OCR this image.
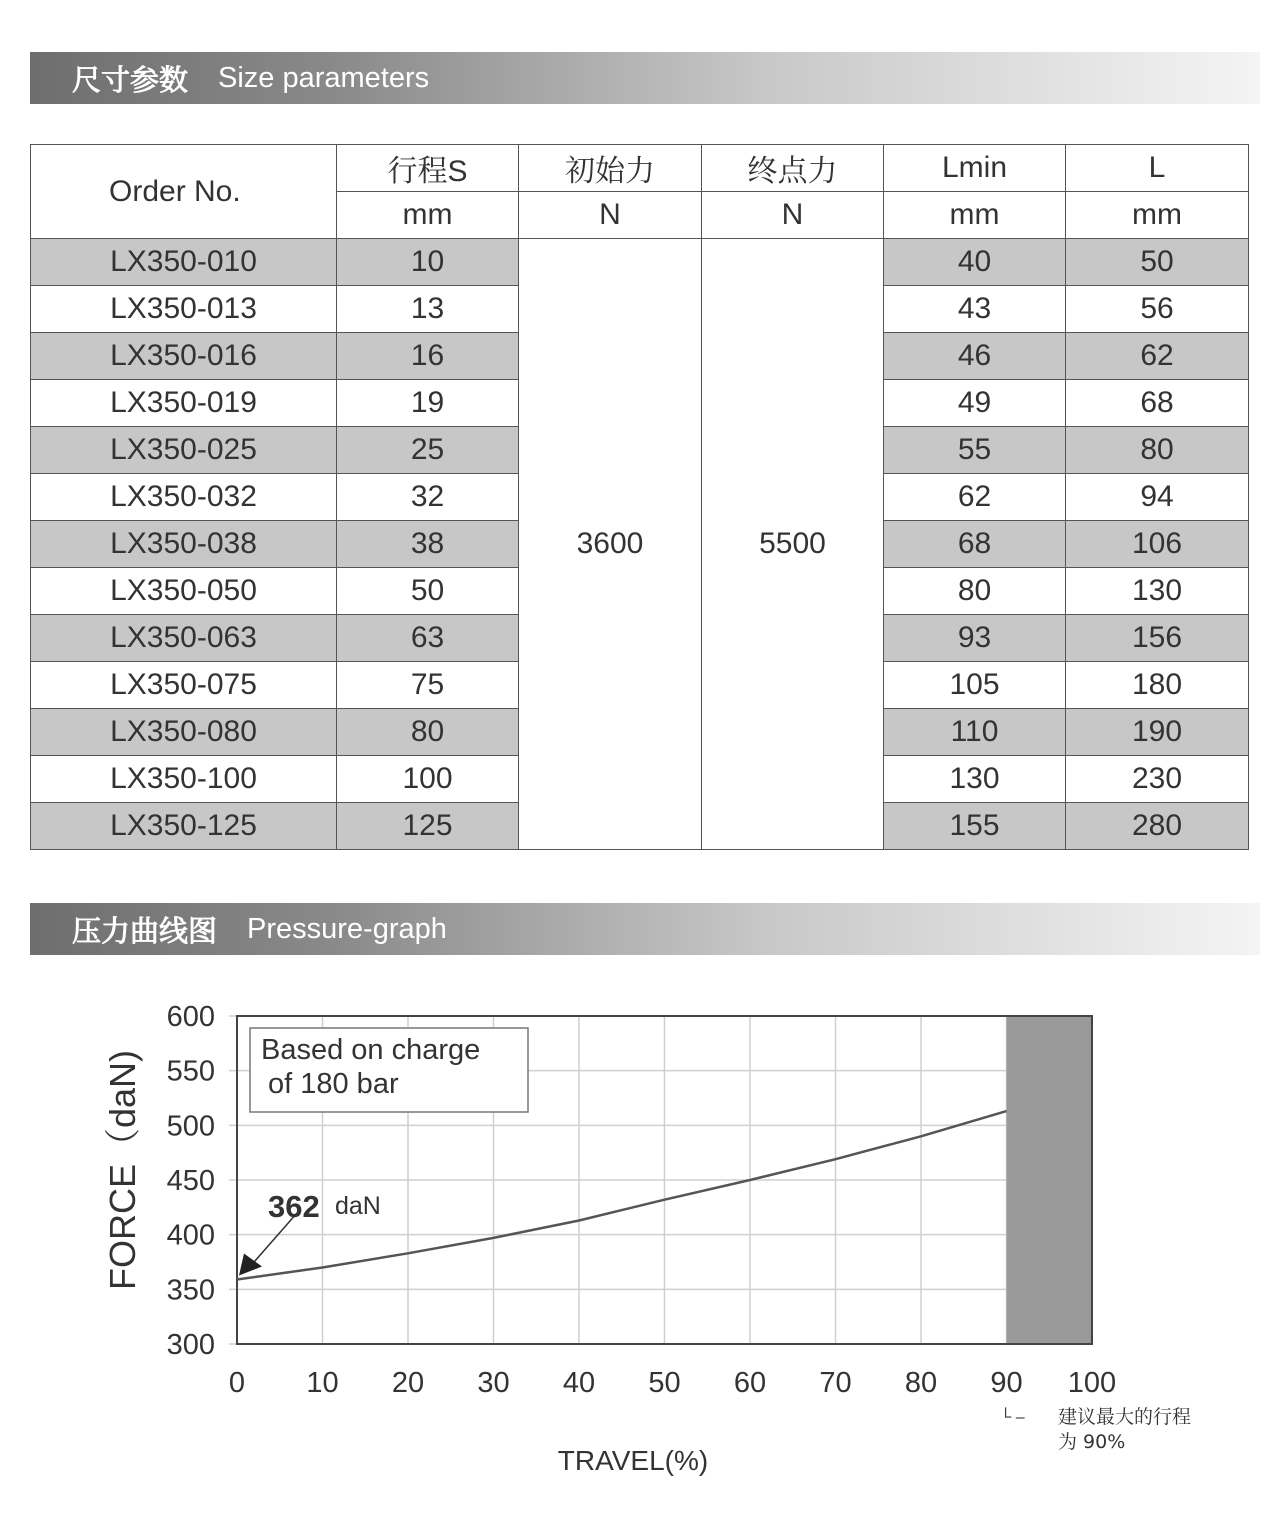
尺寸参数 Size parameters
Order No.	行程S	初始力	终点力	Lmin	L
	mm	N	N	mm	mm
LX350-010	10	3600	5500	40	50
LX350-013	13			43	56
LX350-016	16			46	62
LX350-019	19			49	68
LX350-025	25			55	80
LX350-032	32			62	94
LX350-038	38			68	106
LX350-050	50			80	130
LX350-063	63			93	156
LX350-075	75			105	180
LX350-080	80			110	190
LX350-100	100			130	230
LX350-125	125			155	280
压力曲线图 Pressure-graph
300
350
400
450
500
550
600
0 10 20 30 40 50 60 70 80 90 100
Based on charge of 180 bar
362 daN
FORCE（daN)
TRAVEL(%)
└ – 建议最大的行程为 90%
